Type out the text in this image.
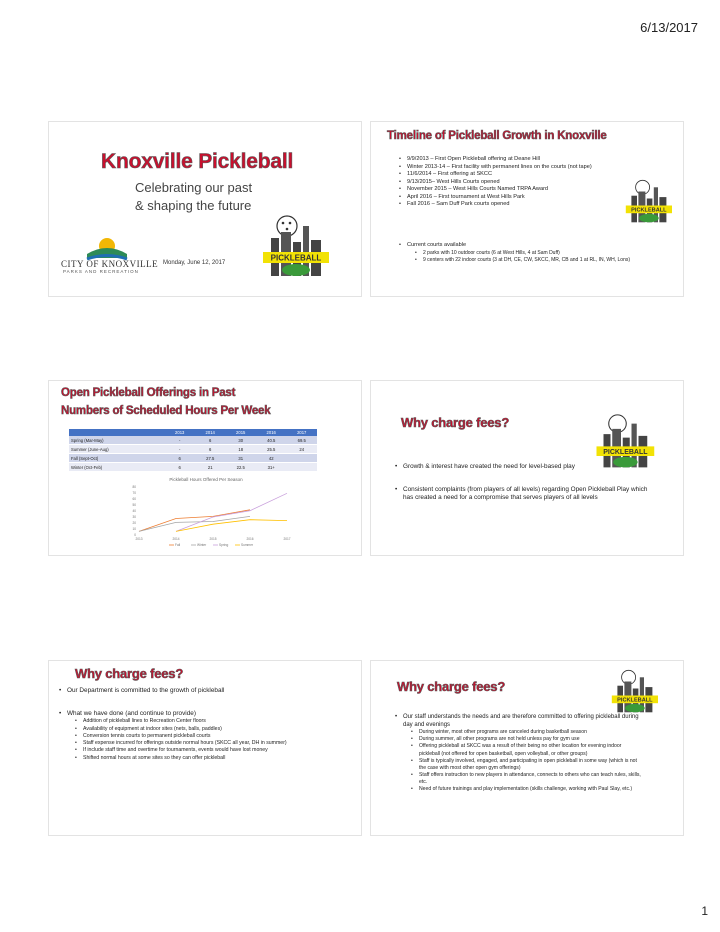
6/13/2017
Knoxville Pickleball
Celebrating our past
& shaping the future
CITY OF KNOXVILLE
PARKS AND RECREATION
Monday, June 12, 2017
PICKLEBALL
Timeline of Pickleball Growth in Knoxville
• 9/9/2013 – First Open Pickleball offering at Deane Hill
• Winter 2013-14 – First facility with permanent lines on the courts (not tape)
• 11/6/2014 – First offering at SKCC
• 9/13/2015– West Hills Courts opened
• November 2015 – West Hills Courts Named TRPA Award
• April 2016 – First tournament at West Hills Park
• Fall 2016 – Sam Duff Park courts opened
• Current courts available
• 2 parks with 10 outdoor courts (6 at West Hills, 4 at Sam Duff)
• 9 centers with 22 indoor courts (3 at DH, CE, CW, SKCC, MR, CB and 1 at RL, IN, WH, Lons)
PICKLEBALL
Open Pickleball Offerings in Past
Numbers of Scheduled Hours Per Week
	2013	2014	2015	2016	2017
Spring (Mar-May)	-	6	30	40.5	69.5
Summer (June-Aug)	-	6	18	25.5	24
Fall (Sept-Oct)	6	27.5	31	42	
Winter (Oct-Feb)	6	21	22.5	31+	
Pickleball Hours Offered Per Season
0
10
20
30
40
50
60
70
80
2013	2014	2015	2016	2017
Fall	Winter	Spring	Summer
Why charge fees?
PICKLEBALL
• Growth & interest have created the need for level-based play
• Consistent complaints (from players of all levels) regarding Open Pickleball Play which has created a need for a compromise that serves players of all levels
Why charge fees?
• Our Department is committed to the growth of pickleball
• What we have done (and continue to provide)
• Addition of pickleball lines to Recreation Center floors
• Availability of equipment at indoor sites (nets, balls, paddles)
• Conversion tennis courts to permanent pickleball courts
• Staff expense incurred for offerings outside normal hours (SKCC all year, DH in summer)
• If include staff time and overtime for tournaments, events would have lost money
• Shifted normal hours at some sites so they can offer pickleball
Why charge fees?
PICKLEBALL
• Our staff understands the needs and are therefore committed to offering pickleball during day and evenings
• During winter, most other programs are canceled during basketball season
• During summer, all other programs are not held unless pay for gym use
• Offering pickleball at SKCC was a result of their being no other location for evening indoor pickleball (not offered for open basketball, open volleyball, or other groups)
• Staff is typically involved, engaged, and participating in open pickleball in some way (which is not the case with most other open gym offerings)
• Staff offers instruction to new players in attendance, connects to others who can teach rules, skills, etc.
• Need of future trainings and play implementation (skills challenge, working with Paul Slay, etc.)
1
